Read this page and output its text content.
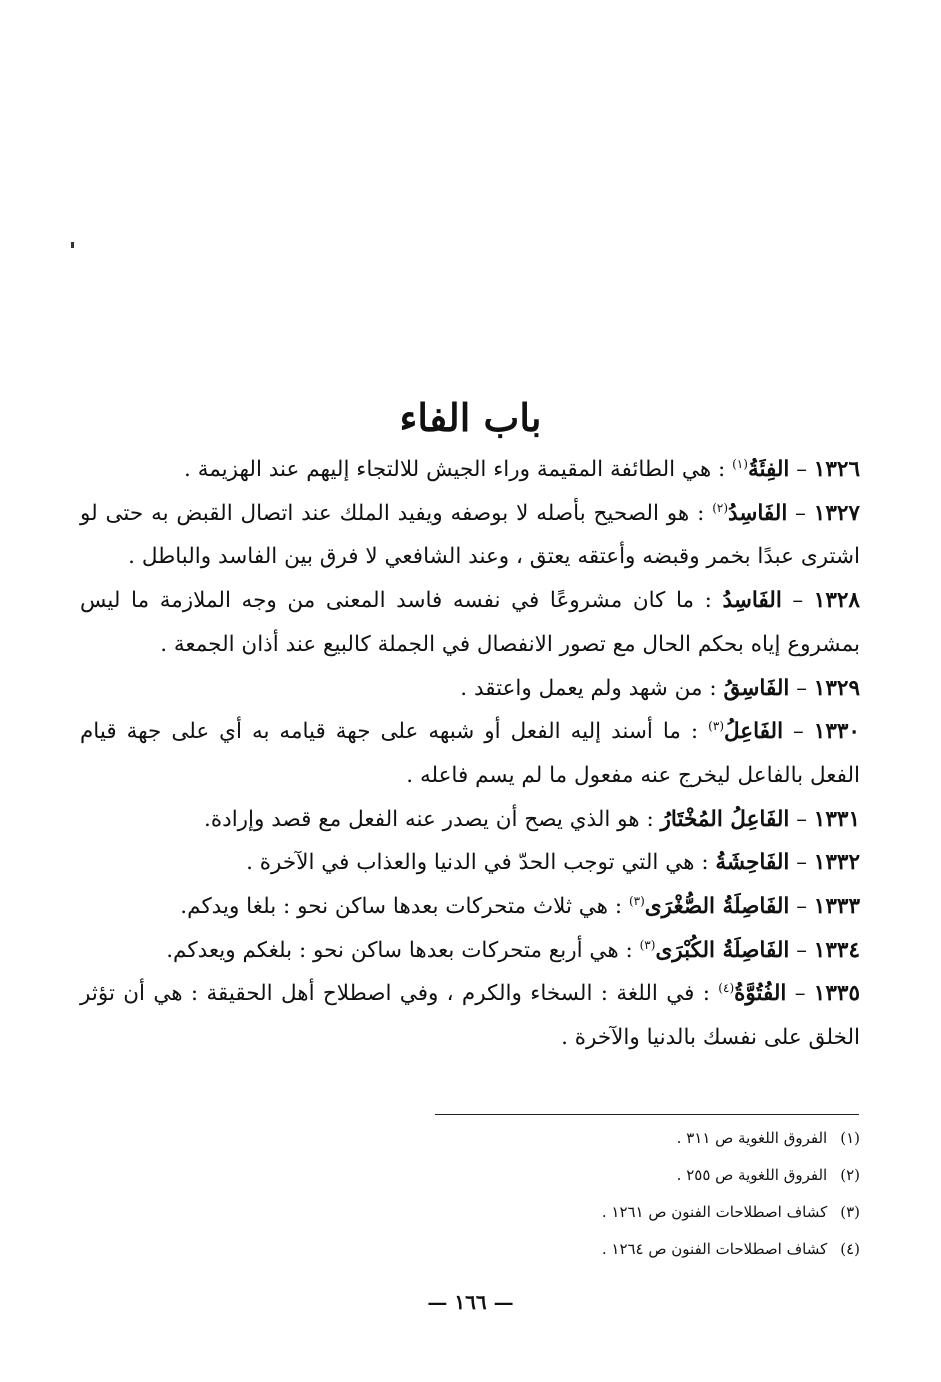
باب الفاء

١٣٢٦ – الفِئَةُ$^{(١)}$ : هي الطائفة المقيمة وراء الجيش للالتجاء إليهم عند الهزيمة .

١٣٢٧ – الفَاسِدُ$^{(٢)}$ : هو الصحيح بأصله لا بوصفه ويفيد الملك عند اتصال القبض به حتى لو اشترى عبدًا بخمر وقبضه وأعتقه يعتق ، وعند الشافعي لا فرق بين الفاسد والباطل .

١٣٢٨ – الفَاسِدُ : ما كان مشروعًا في نفسه فاسد المعنى من وجه الملازمة ما ليس بمشروع إياه بحكم الحال مع تصور الانفصال في الجملة كالبيع عند أذان الجمعة .

١٣٢٩ – الفَاسِقُ : من شهد ولم يعمل واعتقد .

١٣٣٠ – الفَاعِلُ$^{(٣)}$ : ما أسند إليه الفعل أو شبهه على جهة قيامه به أي على جهة قيام الفعل بالفاعل ليخرج عنه مفعول ما لم يسم فاعله .

١٣٣١ – الفَاعِلُ المُخْتَارُ : هو الذي يصح أن يصدر عنه الفعل مع قصد وإرادة.

١٣٣٢ – الفَاحِشَةُ : هي التي توجب الحدّ في الدنيا والعذاب في الآخرة .

١٣٣٣ – الفَاصِلَةُ الصُّغْرَى$^{(٣)}$ : هي ثلاث متحركات بعدها ساكن نحو : بلغا ويدكم.

١٣٣٤ – الفَاصِلَةُ الكُبْرَى$^{(٣)}$ : هي أربع متحركات بعدها ساكن نحو : بلغكم ويعدكم.

١٣٣٥ – الفُتُوَّةُ$^{(٤)}$ : في اللغة : السخاء والكرم ، وفي اصطلاح أهل الحقيقة : هي أن تؤثر الخلق على نفسك بالدنيا والآخرة .

(١) الفروق اللغوية ص ٣١١ .

(٢) الفروق اللغوية ص ٢٥٥ .

(٣) كشاف اصطلاحات الفنون ص ١٢٦١ .

(٤) كشاف اصطلاحات الفنون ص ١٢٦٤ .

— ١٦٦ —
